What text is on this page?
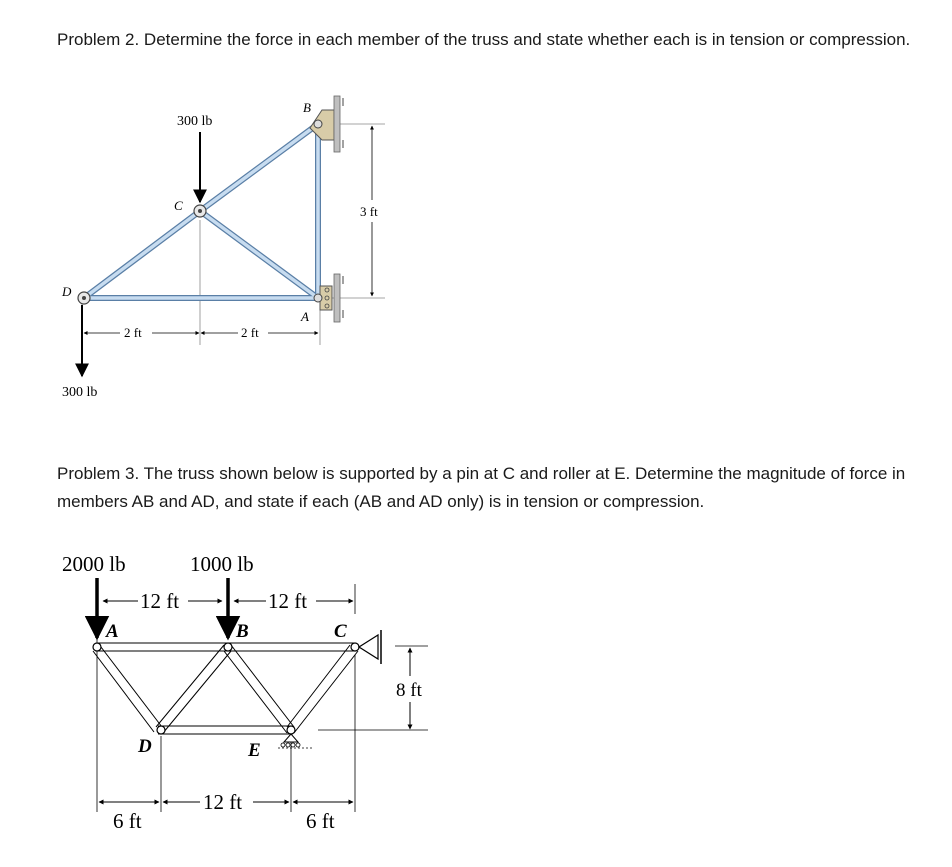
Problem 2. Determine the force in each member of the truss and state whether each is in tension or compression.

300 lb
300 lb
B
C
D
A
2 ft	2 ft
3 ft
2000 lb	1000 lb
12 ft	12 ft
A	B	C
D	E
8 ft
6 ft
12 ft
6 ft

Problem 3. The truss shown below is supported by a pin at C and roller at E. Determine the magnitude of force in members AB and AD, and state if each (AB and AD only) is in tension or compression.
